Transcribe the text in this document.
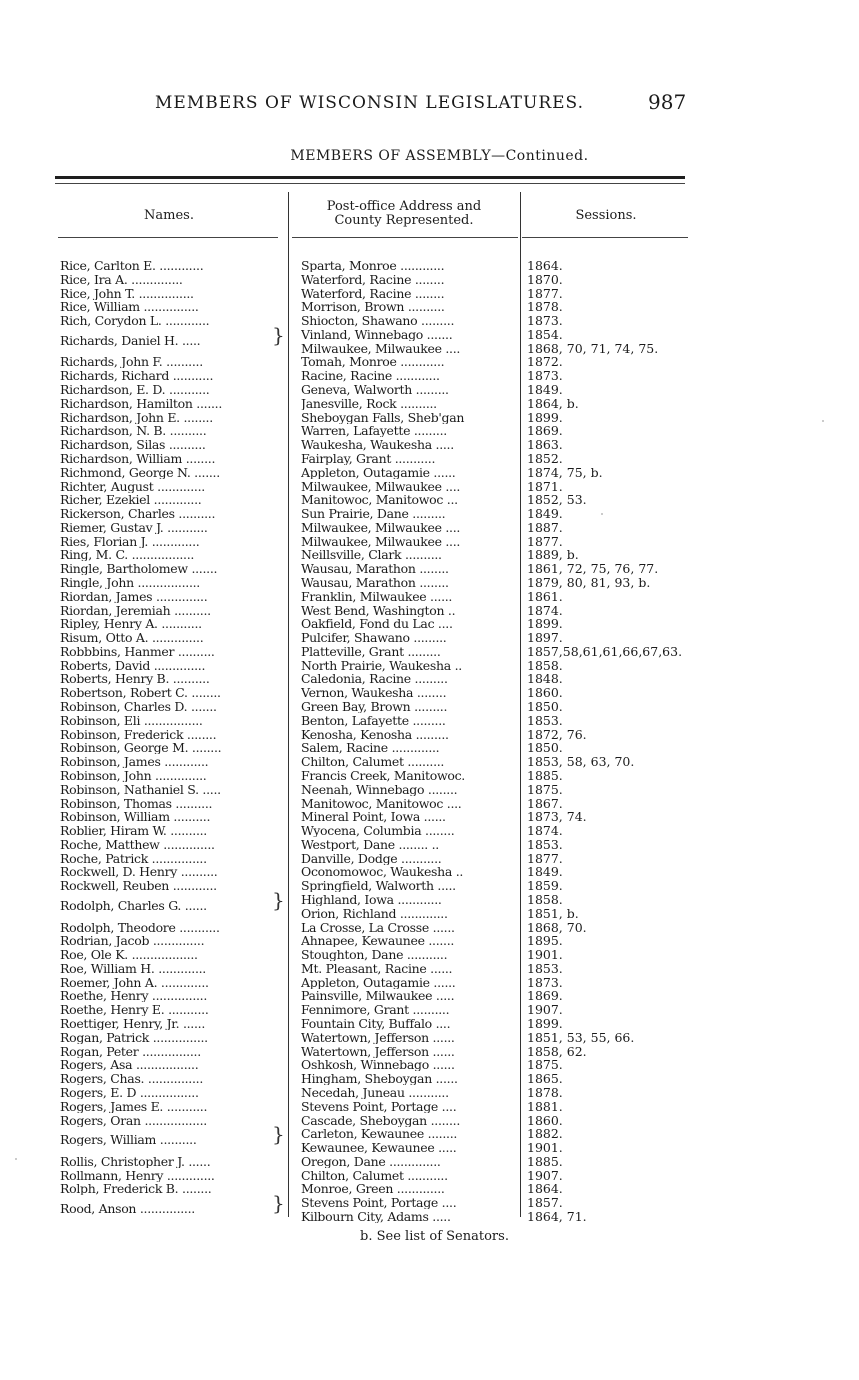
MEMBERS OF WISCONSIN LEGISLATURES.	987
MEMBERS OF ASSEMBLY—Continued.
Names.
Post-office Address and
County Represented.	Sessions.
Rice, Carlton E. ............	Sparta, Monroe ............	1864.
Rice, Ira A. ..............	Waterford, Racine ........	1870.
Rice, John T. ...............	Waterford, Racine ........	1877.
Rice, William ...............	Morrison, Brown ..........	1878.
Rich, Corydon L. ............	Shiocton, Shawano .........	1873.
Richards, Daniel H. .....	} Vinland, Winnebago .......	1854.
Milwaukee, Milwaukee ....	1868, 70, 71, 74, 75.
Richards, John F. ..........	Tomah, Monroe ............	1872.
Richards, Richard ...........	Racine, Racine ............	1873.
Richardson, E. D. ...........	Geneva, Walworth .........	1849.
Richardson, Hamilton .......	Janesville, Rock ..........	1864, b.
Richardson, John E. ........	Sheboygan Falls, Sheb'gan	1899.
Richardson, N. B. ..........	Warren, Lafayette .........	1869.
Richardson, Silas ..........	Waukesha, Waukesha .....	1863.
Richardson, William ........	Fairplay, Grant ...........	1852.
Richmond, George N. .......	Appleton, Outagamie ......	1874, 75, b.
Richter, August .............	Milwaukee, Milwaukee ....	1871.
Richer, Ezekiel .............	Manitowoc, Manitowoc ...	1852, 53.
Rickerson, Charles ..........	Sun Prairie, Dane .........	1849.
Riemer, Gustav J. ...........	Milwaukee, Milwaukee ....	1887.
Ries, Florian J. .............	Milwaukee, Milwaukee ....	1877.
Ring, M. C. .................	Neillsville, Clark ..........	1889, b.
Ringle, Bartholomew .......	Wausau, Marathon ........	1861, 72, 75, 76, 77.
Ringle, John .................	Wausau, Marathon ........	1879, 80, 81, 93, b.
Riordan, James ..............	Franklin, Milwaukee ......	1861.
Riordan, Jeremiah ..........	West Bend, Washington ..	1874.
Ripley, Henry A. ...........	Oakfield, Fond du Lac ....	1899.
Risum, Otto A. ..............	Pulcifer, Shawano .........	1897.
Robbbins, Hanmer ..........	Platteville, Grant .........	1857,58,61,61,66,67,63.
Roberts, David ..............	North Prairie, Waukesha ..	1858.
Roberts, Henry B. ..........	Caledonia, Racine .........	1848.
Robertson, Robert C. ........	Vernon, Waukesha ........	1860.
Robinson, Charles D. .......	Green Bay, Brown .........	1850.
Robinson, Eli ................	Benton, Lafayette .........	1853.
Robinson, Frederick ........	Kenosha, Kenosha .........	1872, 76.
Robinson, George M. ........	Salem, Racine .............	1850.
Robinson, James ............	Chilton, Calumet ..........	1853, 58, 63, 70.
Robinson, John ..............	Francis Creek, Manitowoc.	1885.
Robinson, Nathaniel S. .....	Neenah, Winnebago ........	1875.
Robinson, Thomas ..........	Manitowoc, Manitowoc ....	1867.
Robinson, William ..........	Mineral Point, Iowa ......	1873, 74.
Roblier, Hiram W. ..........	Wyocena, Columbia ........	1874.
Roche, Matthew ..............	Westport, Dane ........ ..	1853.
Roche, Patrick ...............	Danville, Dodge ...........	1877.
Rockwell, D. Henry ..........	Oconomowoc, Waukesha ..	1849.
Rockwell, Reuben ............	Springfield, Walworth .....	1859.
Rodolph, Charles G. ......	} Highland, Iowa ............	1858.
Orion, Richland .............	1851, b.
Rodolph, Theodore ...........	La Crosse, La Crosse ......	1868, 70.
Rodrian, Jacob ..............	Ahnapee, Kewaunee .......	1895.
Roe, Ole K. ..................	Stoughton, Dane ...........	1901.
Roe, William H. .............	Mt. Pleasant, Racine ......	1853.
Roemer, John A. .............	Appleton, Outagamie ......	1873.
Roethe, Henry ...............	Painsville, Milwaukee .....	1869.
Roethe, Henry E. ...........	Fennimore, Grant ..........	1907.
Roettiger, Henry, Jr. ......	Fountain City, Buffalo ....	1899.
Rogan, Patrick ...............	Watertown, Jefferson ......	1851, 53, 55, 66.
Rogan, Peter ................	Watertown, Jefferson ......	1858, 62.
Rogers, Asa .................	Oshkosh, Winnebago ......	1875.
Rogers, Chas. ...............	Hingham, Sheboygan ......	1865.
Rogers, E. D ................	Necedah, Juneau ...........	1878.
Rogers, James E. ...........	Stevens Point, Portage ....	1881.
Rogers, Oran .................	Cascade, Sheboygan ........	1860.
Rogers, William ..........	} Carleton, Kewaunee ........	1882.
Kewaunee, Kewaunee .....	1901.
Rollis, Christopher J. ......	Oregon, Dane ..............	1885.
Rollmann, Henry .............	Chilton, Calumet ...........	1907.
Rolph, Frederick B. ........	Monroe, Green .............	1864.
Rood, Anson ...............	} Stevens Point, Portage ....	1857.
Kilbourn City, Adams .....	1864, 71.
b. See list of Senators.
